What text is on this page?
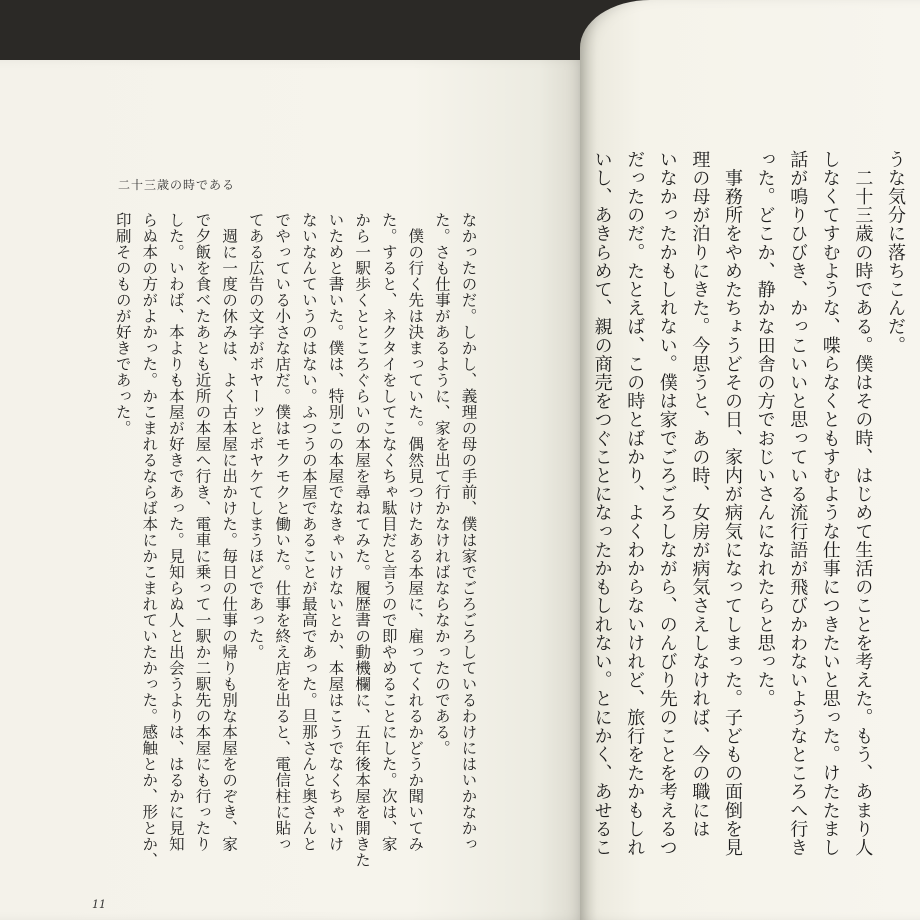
二十三歳の時である
なかったのだ。しかし、義理の母の手前、僕は家でごろごろしているわけにはいかなかっ
た。さも仕事があるように、家を出て行かなければならなかったのである。
　僕の行く先は決まっていた。偶然見つけたある本屋に、雇ってくれるかどうか聞いてみ
た。すると、ネクタイをしてこなくちゃ駄目だと言うので即やめることにした。次は、家
から一駅歩くとところぐらいの本屋を尋ねてみた。履歴書の動機欄に、五年後本屋を開きた
いためと書いた。僕は、特別この本屋でなきゃいけないとか、本屋はこうでなくちゃいけ
ないなんていうのはない。ふつうの本屋であることが最高であった。旦那さんと奥さんと
でやっている小さな店だ。僕はモクモクと働いた。仕事を終え店を出ると、電信柱に貼っ
てある広告の文字がボヤーッとボヤケてしまうほどであった。
　週に一度の休みは、よく古本屋に出かけた。毎日の仕事の帰りも別な本屋をのぞき、家
で夕飯を食べたあとも近所の本屋へ行き、電車に乗って一駅か二駅先の本屋にも行ったり
した。いわば、本よりも本屋が好きであった。見知らぬ人と出会うよりは、はるかに見知
らぬ本の方がよかった。かこまれるならば本にかこまれていたかった。感触とか、形とか、
印刷そのものが好きであった。
11
うな気分に落ちこんだ。
　二十三歳の時である。僕はその時、はじめて生活のことを考えた。もう、あまり人
しなくてすむような、喋らなくともすむような仕事につきたいと思った。けたたまし
話が鳴りひびき、かっこいいと思っている流行語が飛びかわないようなところへ行き
った。どこか、静かな田舎の方でおじいさんになれたらと思った。
　事務所をやめたちょうどその日、家内が病気になってしまった。子どもの面倒を見
理の母が泊りにきた。今思うと、あの時、女房が病気さえしなければ、今の職には
いなかったかもしれない。僕は家でごろごろしながら、のんびり先のことを考えるつ
だったのだ。たとえば、この時とばかり、よくわからないけれど、旅行をたかもしれ
いし、あきらめて、親の商売をつぐことになったかもしれない。とにかく、あせるこ
